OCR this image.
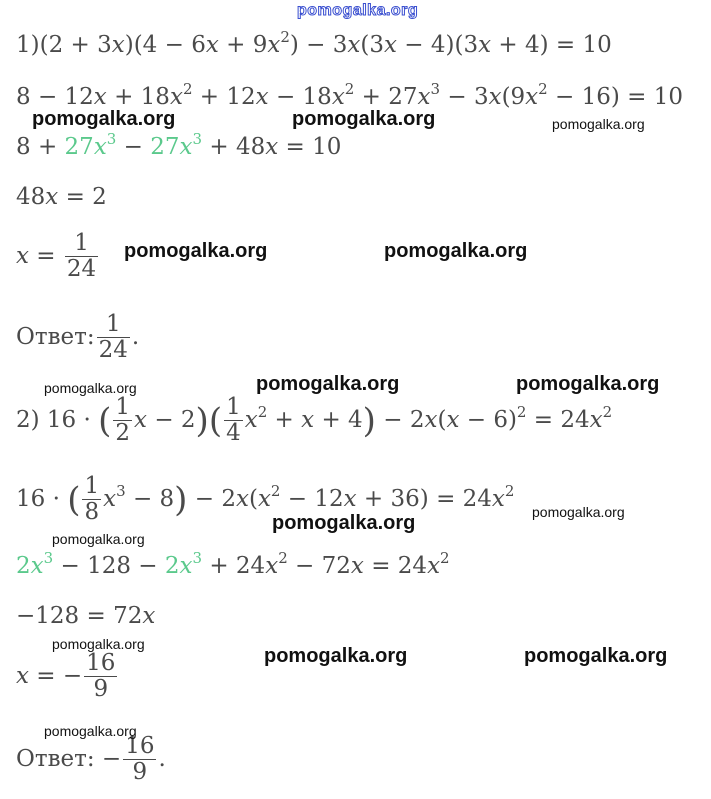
pomogalka.org
$1)(2 + 3x)(4 - 6x + 9x^2) - 3x(3x - 4)(3x + 4) = 10$
$8 - 12x + 18x^2 + 12x - 18x^2 + 27x^3 - 3x(9x^2 - 16) = 10$
$8 + 27x^3 - 27x^3 + 48x = 10$
48x = 2
$x = \frac{1}{24}$
Ответ: $\frac{1}{24}$ .
2) 16 · ( $\frac{1}{2}$ $x - 2)( \frac{1}{4} x^2 + x + 4) - 2x(x - 6)^2 = 24x^2$
16 · ( $\frac{1}{8} x^3 - 8) - 2x(x^2 - 12x + 36) = 24x^2$
$2x^3 - 128 - 2x^3 + 24x^2 - 72x = 24x^2$
−128 = 72x
x = − $\frac{16}{9}$
Ответ: − $\frac{16}{9}$ .
pomogalka.org	pomogalka.org	pomogalka.org
pomogalka.org	pomogalka.org
pomogalka.org	pomogalka.org	pomogalka.org
pomogalka.org
pomogalka.org
pomogalka.org
pomogalka.org
pomogalka.org	pomogalka.org
pomogalka.org
